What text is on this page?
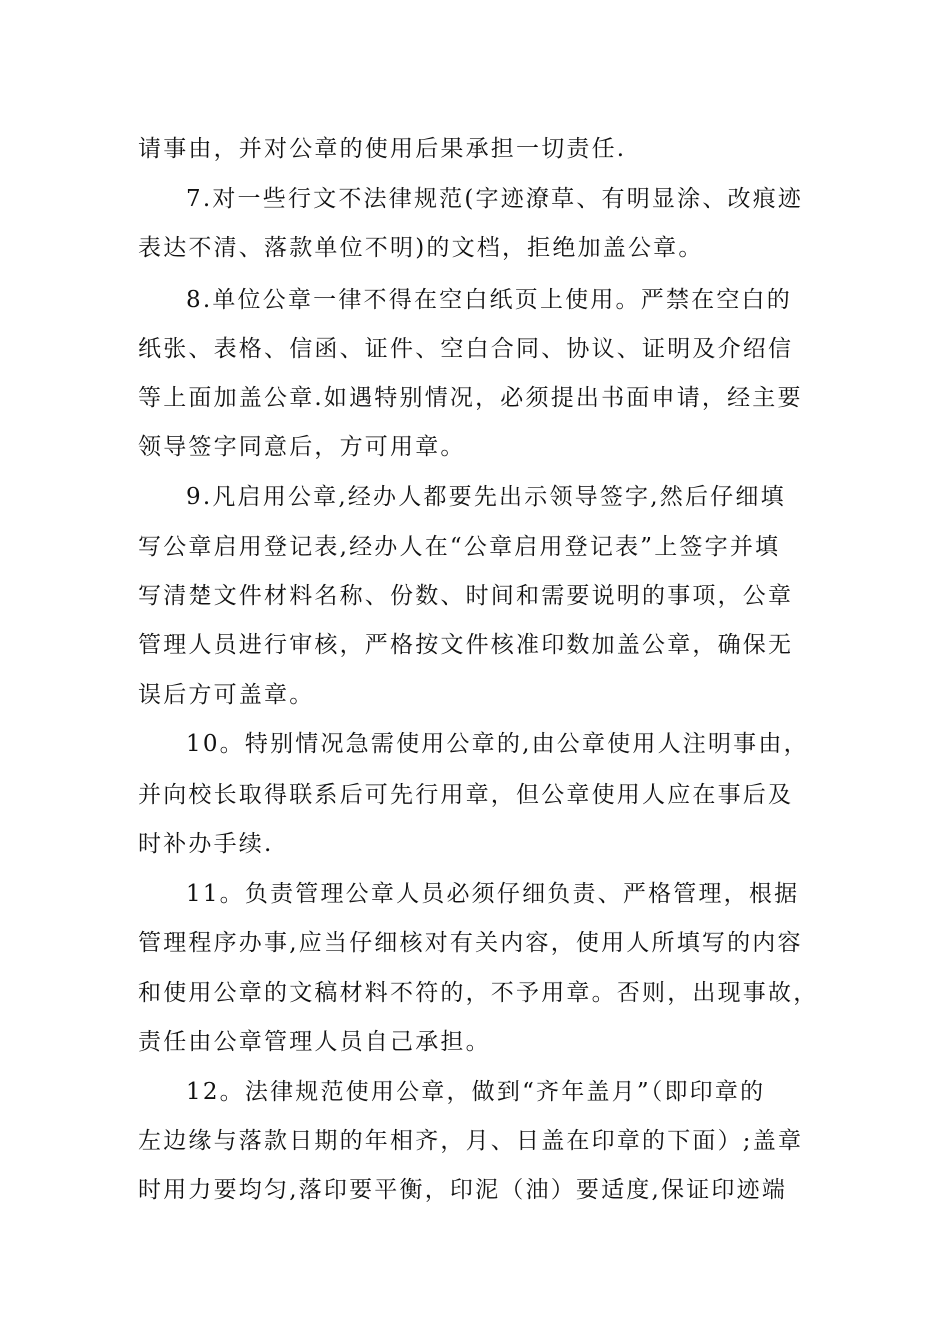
请事由，并对公章的使用后果承担一切责任.
7.对一些行文不法律规范(字迹潦草、有明显涂、改痕迹
表达不清、落款单位不明)的文档，拒绝加盖公章。
8.单位公章一律不得在空白纸页上使用。严禁在空白的
纸张、表格、信函、证件、空白合同、协议、证明及介绍信
等上面加盖公章.如遇特别情况，必须提出书面申请，经主要
领导签字同意后，方可用章。
9.凡启用公章,经办人都要先出示领导签字,然后仔细填
写公章启用登记表,经办人在“公章启用登记表”上签字并填
写清楚文件材料名称、份数、时间和需要说明的事项，公章
管理人员进行审核，严格按文件核准印数加盖公章，确保无
误后方可盖章。
10。特别情况急需使用公章的,由公章使用人注明事由，
并向校长取得联系后可先行用章，但公章使用人应在事后及
时补办手续.
11。负责管理公章人员必须仔细负责、严格管理，根据
管理程序办事,应当仔细核对有关内容，使用人所填写的内容
和使用公章的文稿材料不符的，不予用章。否则，出现事故，
责任由公章管理人员自己承担。
12。法律规范使用公章，做到“齐年盖月”（即印章的
左边缘与落款日期的年相齐，月、日盖在印章的下面）;盖章
时用力要均匀,落印要平衡，印泥（油）要适度,保证印迹端
